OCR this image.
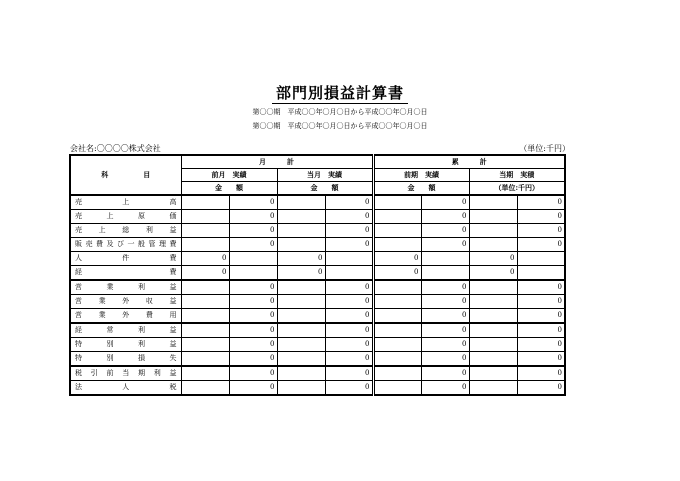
部門別損益計算書
第〇〇期　平成〇〇年〇月〇日から平成〇〇年〇月〇日
第〇〇期　平成〇〇年〇月〇日から平成〇〇年〇月〇日
会社名:〇〇〇〇株式会社	（単位:千円）
科　　　　　目	月　　　計				累　　　計			
	前月　実績		当月　実績		前期　実績		当期　実積	
	金　　額		金　　額		金　　額		（単位:千円）	
売上高		0		0		0		0
売上原価		0		0		0		0
売上総利益		0		0		0		0
販売費及び一般管理費		0		0		0		0
人件費	0		0		0		0	
経費	0		0		0		0	
営業利益		0		0		0		0
営業外収益		0		0		0		0
営業外費用		0		0		0		0
経常利益		0		0		0		0
特別利益		0		0		0		0
特別損失		0		0		0		0
税引前当期利益		0		0		0		0
法人税		0		0		0		0
